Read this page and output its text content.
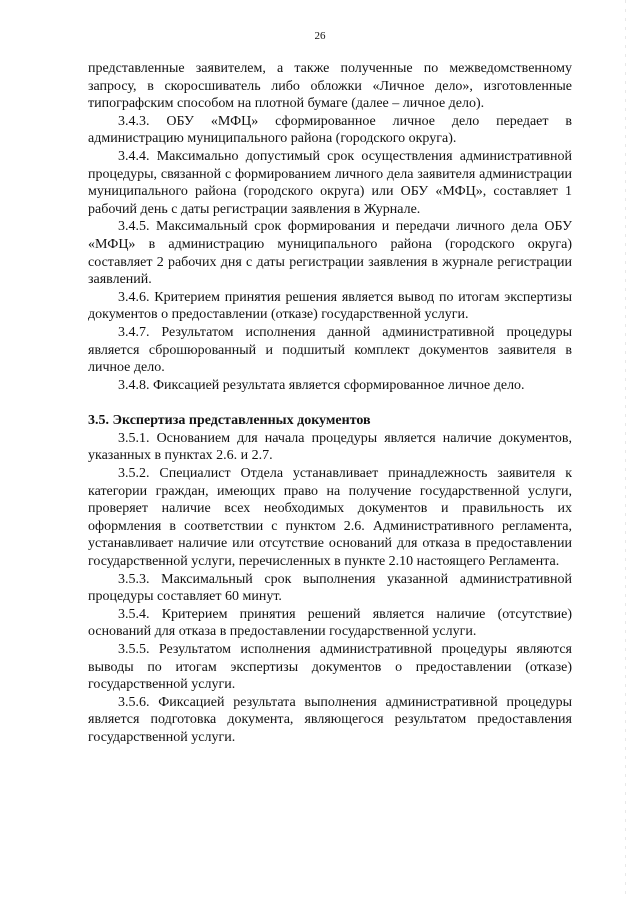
26

представленные заявителем, а также полученные по межведомственному запросу, в скоросшиватель либо обложки «Личное дело», изготовленные типографским способом на плотной бумаге (далее – личное дело).

3.4.3. ОБУ «МФЦ» сформированное личное дело передает в администрацию муниципального района (городского округа).

3.4.4. Максимально допустимый срок осуществления административной процедуры, связанной с формированием личного дела заявителя администрации муниципального района (городского округа) или ОБУ «МФЦ», составляет 1 рабочий день с даты регистрации заявления в Журнале.

3.4.5. Максимальный срок формирования и передачи личного дела ОБУ «МФЦ» в администрацию муниципального района (городского округа) составляет 2 рабочих дня с даты регистрации заявления в журнале регистрации заявлений.

3.4.6. Критерием принятия решения является вывод по итогам экспертизы документов о предоставлении (отказе) государственной услуги.

3.4.7. Результатом исполнения данной административной процедуры является сброшюрованный и подшитый комплект документов заявителя в личное дело.

3.4.8. Фиксацией результата является сформированное личное дело.

3.5. Экспертиза представленных документов

3.5.1. Основанием для начала процедуры является наличие документов, указанных в пунктах 2.6. и 2.7.

3.5.2. Специалист Отдела устанавливает принадлежность заявителя к категории граждан, имеющих право на получение государственной услуги, проверяет наличие всех необходимых документов и правильность их оформления в соответствии с пунктом 2.6. Административного регламента, устанавливает наличие или отсутствие оснований для отказа в предоставлении государственной услуги, перечисленных в пункте 2.10 настоящего Регламента.

3.5.3. Максимальный срок выполнения указанной административной процедуры составляет 60 минут.

3.5.4. Критерием принятия решений является наличие (отсутствие) оснований для отказа в предоставлении государственной услуги.

3.5.5. Результатом исполнения административной процедуры являются выводы по итогам экспертизы документов о предоставлении (отказе) государственной услуги.

3.5.6. Фиксацией результата выполнения административной процедуры является подготовка документа, являющегося результатом предоставления государственной услуги.
